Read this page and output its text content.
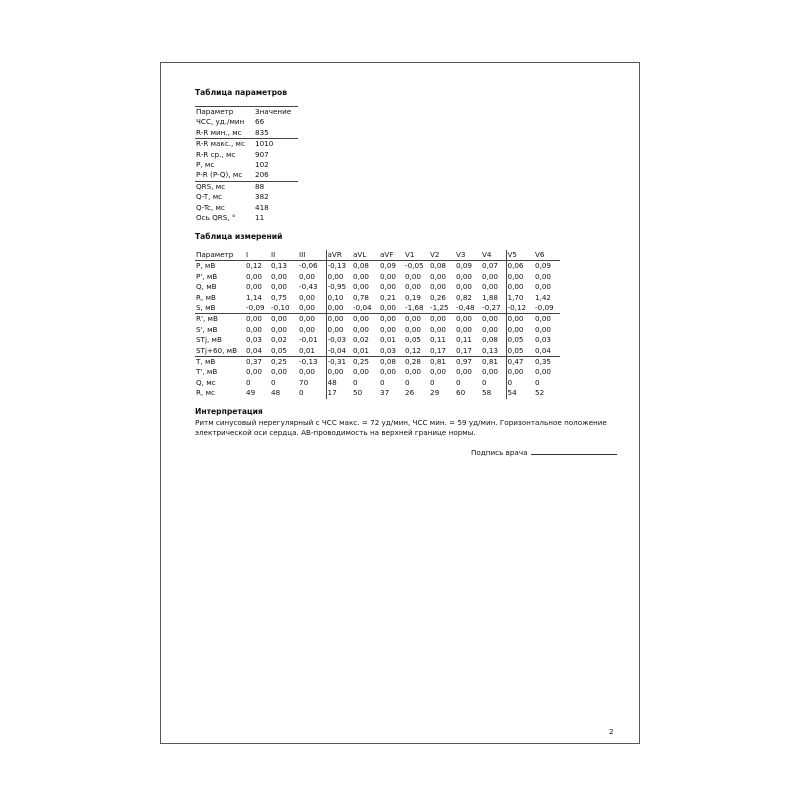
Таблица параметров
Параметр	Значение
ЧСС, уд./мин	66
R-R мин., мс	835
R-R макс., мс	1010
R-R ср., мс	907
P, мс	102
P-R (P-Q), мс	206
QRS, мс	88
Q-T, мс	382
Q-Tc, мс	418
Ось QRS, °	11
Таблица измерений
Параметр	I	II	III	aVR	aVL	aVF	V1	V2	V3	V4	V5	V6
P, мВ	0,12	0,13	-0,06	-0,13	0,08	0,09	-0,05	0,08	0,09	0,07	0,06	0,09
P', мВ	0,00	0,00	0,00	0,00	0,00	0,00	0,00	0,00	0,00	0,00	0,00	0,00
Q, мВ	0,00	0,00	-0,43	-0,95	0,00	0,00	0,00	0,00	0,00	0,00	0,00	0,00
R, мВ	1,14	0,75	0,00	0,10	0,78	0,21	0,19	0,26	0,82	1,88	1,70	1,42
S, мВ	-0,09	-0,10	0,00	0,00	-0,04	0,00	-1,68	-1,25	-0,48	-0,27	-0,12	-0,09
R', мВ	0,00	0,00	0,00	0,00	0,00	0,00	0,00	0,00	0,00	0,00	0,00	0,00
S', мВ	0,00	0,00	0,00	0,00	0,00	0,00	0,00	0,00	0,00	0,00	0,00	0,00
STj, мВ	0,03	0,02	-0,01	-0,03	0,02	0,01	0,05	0,11	0,11	0,08	0,05	0,03
STj+60, мВ	0,04	0,05	0,01	-0,04	0,01	0,03	0,12	0,17	0,17	0,13	0,05	0,04
T, мВ	0,37	0,25	-0,13	-0,31	0,25	0,08	0,28	0,81	0,97	0,81	0,47	0,35
T', мВ	0,00	0,00	0,00	0,00	0,00	0,00	0,00	0,00	0,00	0,00	0,00	0,00
Q, мс	0	0	70	48	0	0	0	0	0	0	0	0
R, мс	49	48	0	17	50	37	26	29	60	58	54	52
Интерпретация
Ритм синусовый нерегулярный с ЧСС макс. = 72 уд/мин, ЧСС мин. = 59 уд/мин. Горизонтальное положение электрической оси сердца. АВ-проводимость на верхней границе нормы.
Подпись врача
2
